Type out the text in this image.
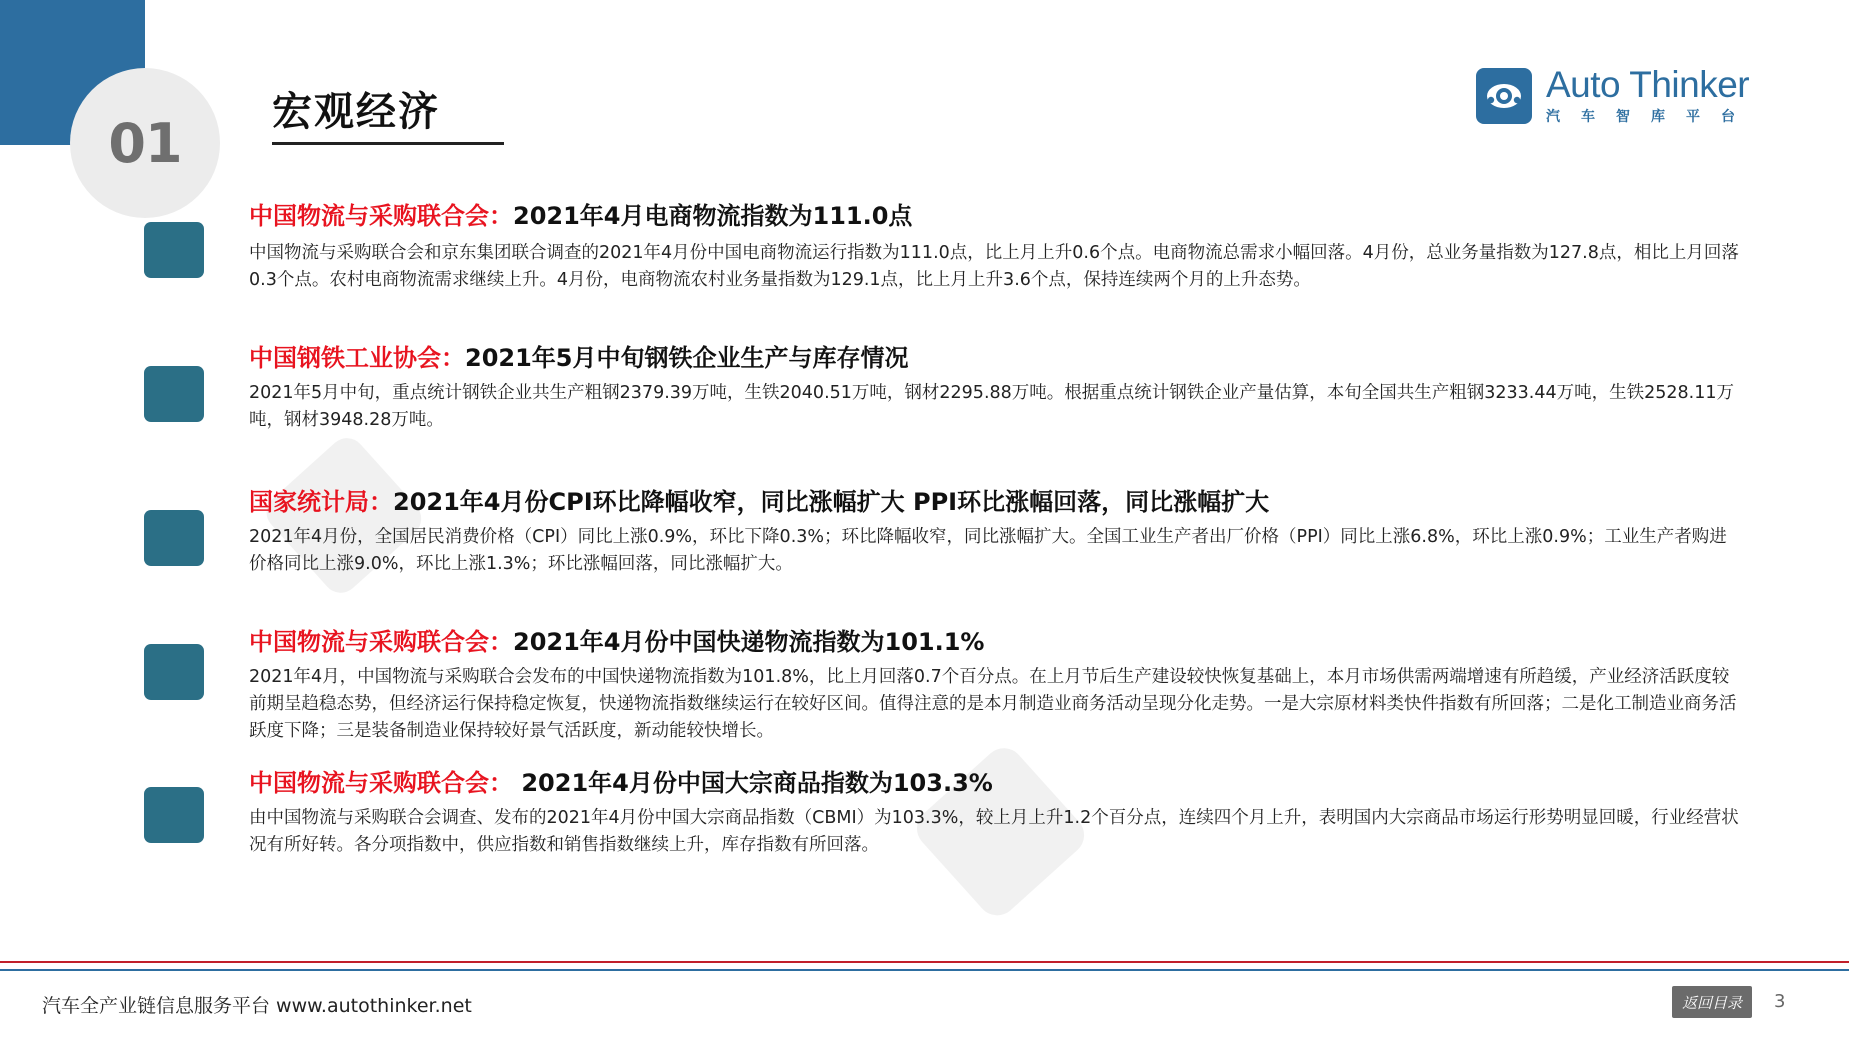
01 宏观经济
Auto Thinker
汽车智库平台
中国物流与采购联合会：2021年4月电商物流指数为111.0点
中国物流与采购联合会和京东集团联合调查的2021年4月份中国电商物流运行指数为111.0点，比上月上升0.6个点。电商物流总需求小幅回落。4月份，总业务量指数为127.8点，相比上月回落0.3个点。农村电商物流需求继续上升。4月份，电商物流农村业务量指数为129.1点，比上月上升3.6个点，保持连续两个月的上升态势。
中国钢铁工业协会：2021年5月中旬钢铁企业生产与库存情况
2021年5月中旬，重点统计钢铁企业共生产粗钢2379.39万吨，生铁2040.51万吨，钢材2295.88万吨。根据重点统计钢铁企业产量估算，本旬全国共生产粗钢3233.44万吨，生铁2528.11万吨，钢材3948.28万吨。
国家统计局：2021年4月份CPI环比降幅收窄，同比涨幅扩大 PPI环比涨幅回落，同比涨幅扩大
2021年4月份，全国居民消费价格（CPI）同比上涨0.9%，环比下降0.3%；环比降幅收窄，同比涨幅扩大。全国工业生产者出厂价格（PPI）同比上涨6.8%，环比上涨0.9%；工业生产者购进价格同比上涨9.0%，环比上涨1.3%；环比涨幅回落，同比涨幅扩大。
中国物流与采购联合会：2021年4月份中国快递物流指数为101.1%
2021年4月，中国物流与采购联合会发布的中国快递物流指数为101.8%，比上月回落0.7个百分点。在上月节后生产建设较快恢复基础上，本月市场供需两端增速有所趋缓，产业经济活跃度较前期呈趋稳态势，但经济运行保持稳定恢复，快递物流指数继续运行在较好区间。值得注意的是本月制造业商务活动呈现分化走势。一是大宗原材料类快件指数有所回落；二是化工制造业商务活跃度下降；三是装备制造业保持较好景气活跃度，新动能较快增长。
中国物流与采购联合会： 2021年4月份中国大宗商品指数为103.3%
由中国物流与采购联合会调查、发布的2021年4月份中国大宗商品指数（CBMI）为103.3%，较上月上升1.2个百分点，连续四个月上升，表明国内大宗商品市场运行形势明显回暖，行业经营状况有所好转。各分项指数中，供应指数和销售指数继续上升，库存指数有所回落。
汽车全产业链信息服务平台 www.autothinker.net	返回目录	3
